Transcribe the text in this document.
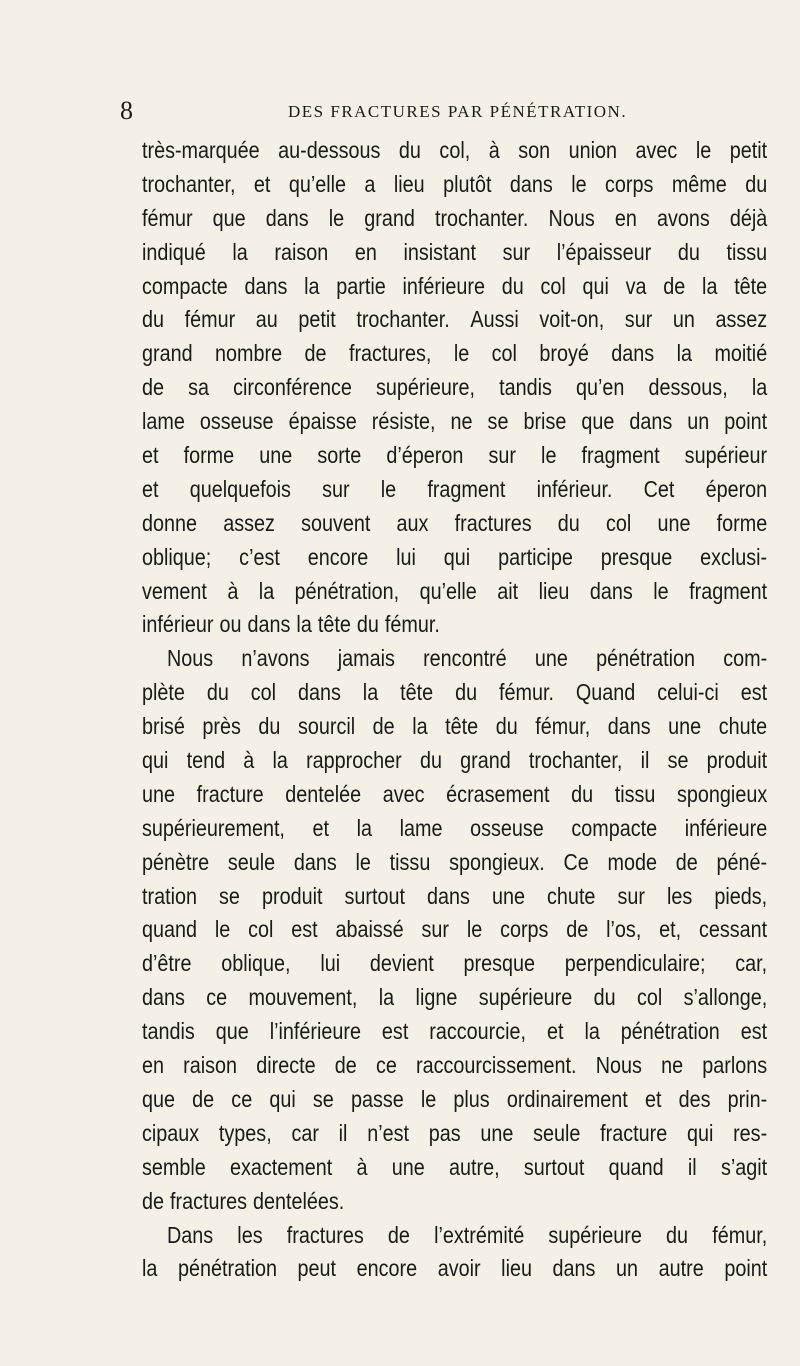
8	DES FRACTURES PAR PÉNÉTRATION.
très-marquée au-dessous du col, à son union avec le petit
trochanter, et qu’elle a lieu plutôt dans le corps même du
fémur que dans le grand trochanter. Nous en avons déjà
indiqué la raison en insistant sur l’épaisseur du tissu
compacte dans la partie inférieure du col qui va de la tête
du fémur au petit trochanter. Aussi voit-on, sur un assez
grand nombre de fractures, le col broyé dans la moitié
de sa circonférence supérieure, tandis qu’en dessous, la
lame osseuse épaisse résiste, ne se brise que dans un point
et forme une sorte d’éperon sur le fragment supérieur
et quelquefois sur le fragment inférieur. Cet éperon
donne assez souvent aux fractures du col une forme
oblique; c’est encore lui qui participe presque exclusi-
vement à la pénétration, qu’elle ait lieu dans le fragment
inférieur ou dans la tête du fémur.
Nous n’avons jamais rencontré une pénétration com-
plète du col dans la tête du fémur. Quand celui-ci est
brisé près du sourcil de la tête du fémur, dans une chute
qui tend à la rapprocher du grand trochanter, il se produit
une fracture dentelée avec écrasement du tissu spongieux
supérieurement, et la lame osseuse compacte inférieure
pénètre seule dans le tissu spongieux. Ce mode de péné-
tration se produit surtout dans une chute sur les pieds,
quand le col est abaissé sur le corps de l’os, et, cessant
d’être oblique, lui devient presque perpendiculaire; car,
dans ce mouvement, la ligne supérieure du col s’allonge,
tandis que l’inférieure est raccourcie, et la pénétration est
en raison directe de ce raccourcissement. Nous ne parlons
que de ce qui se passe le plus ordinairement et des prin-
cipaux types, car il n’est pas une seule fracture qui res-
semble exactement à une autre, surtout quand il s’agit
de fractures dentelées.
Dans les fractures de l’extrémité supérieure du fémur,
la pénétration peut encore avoir lieu dans un autre point
